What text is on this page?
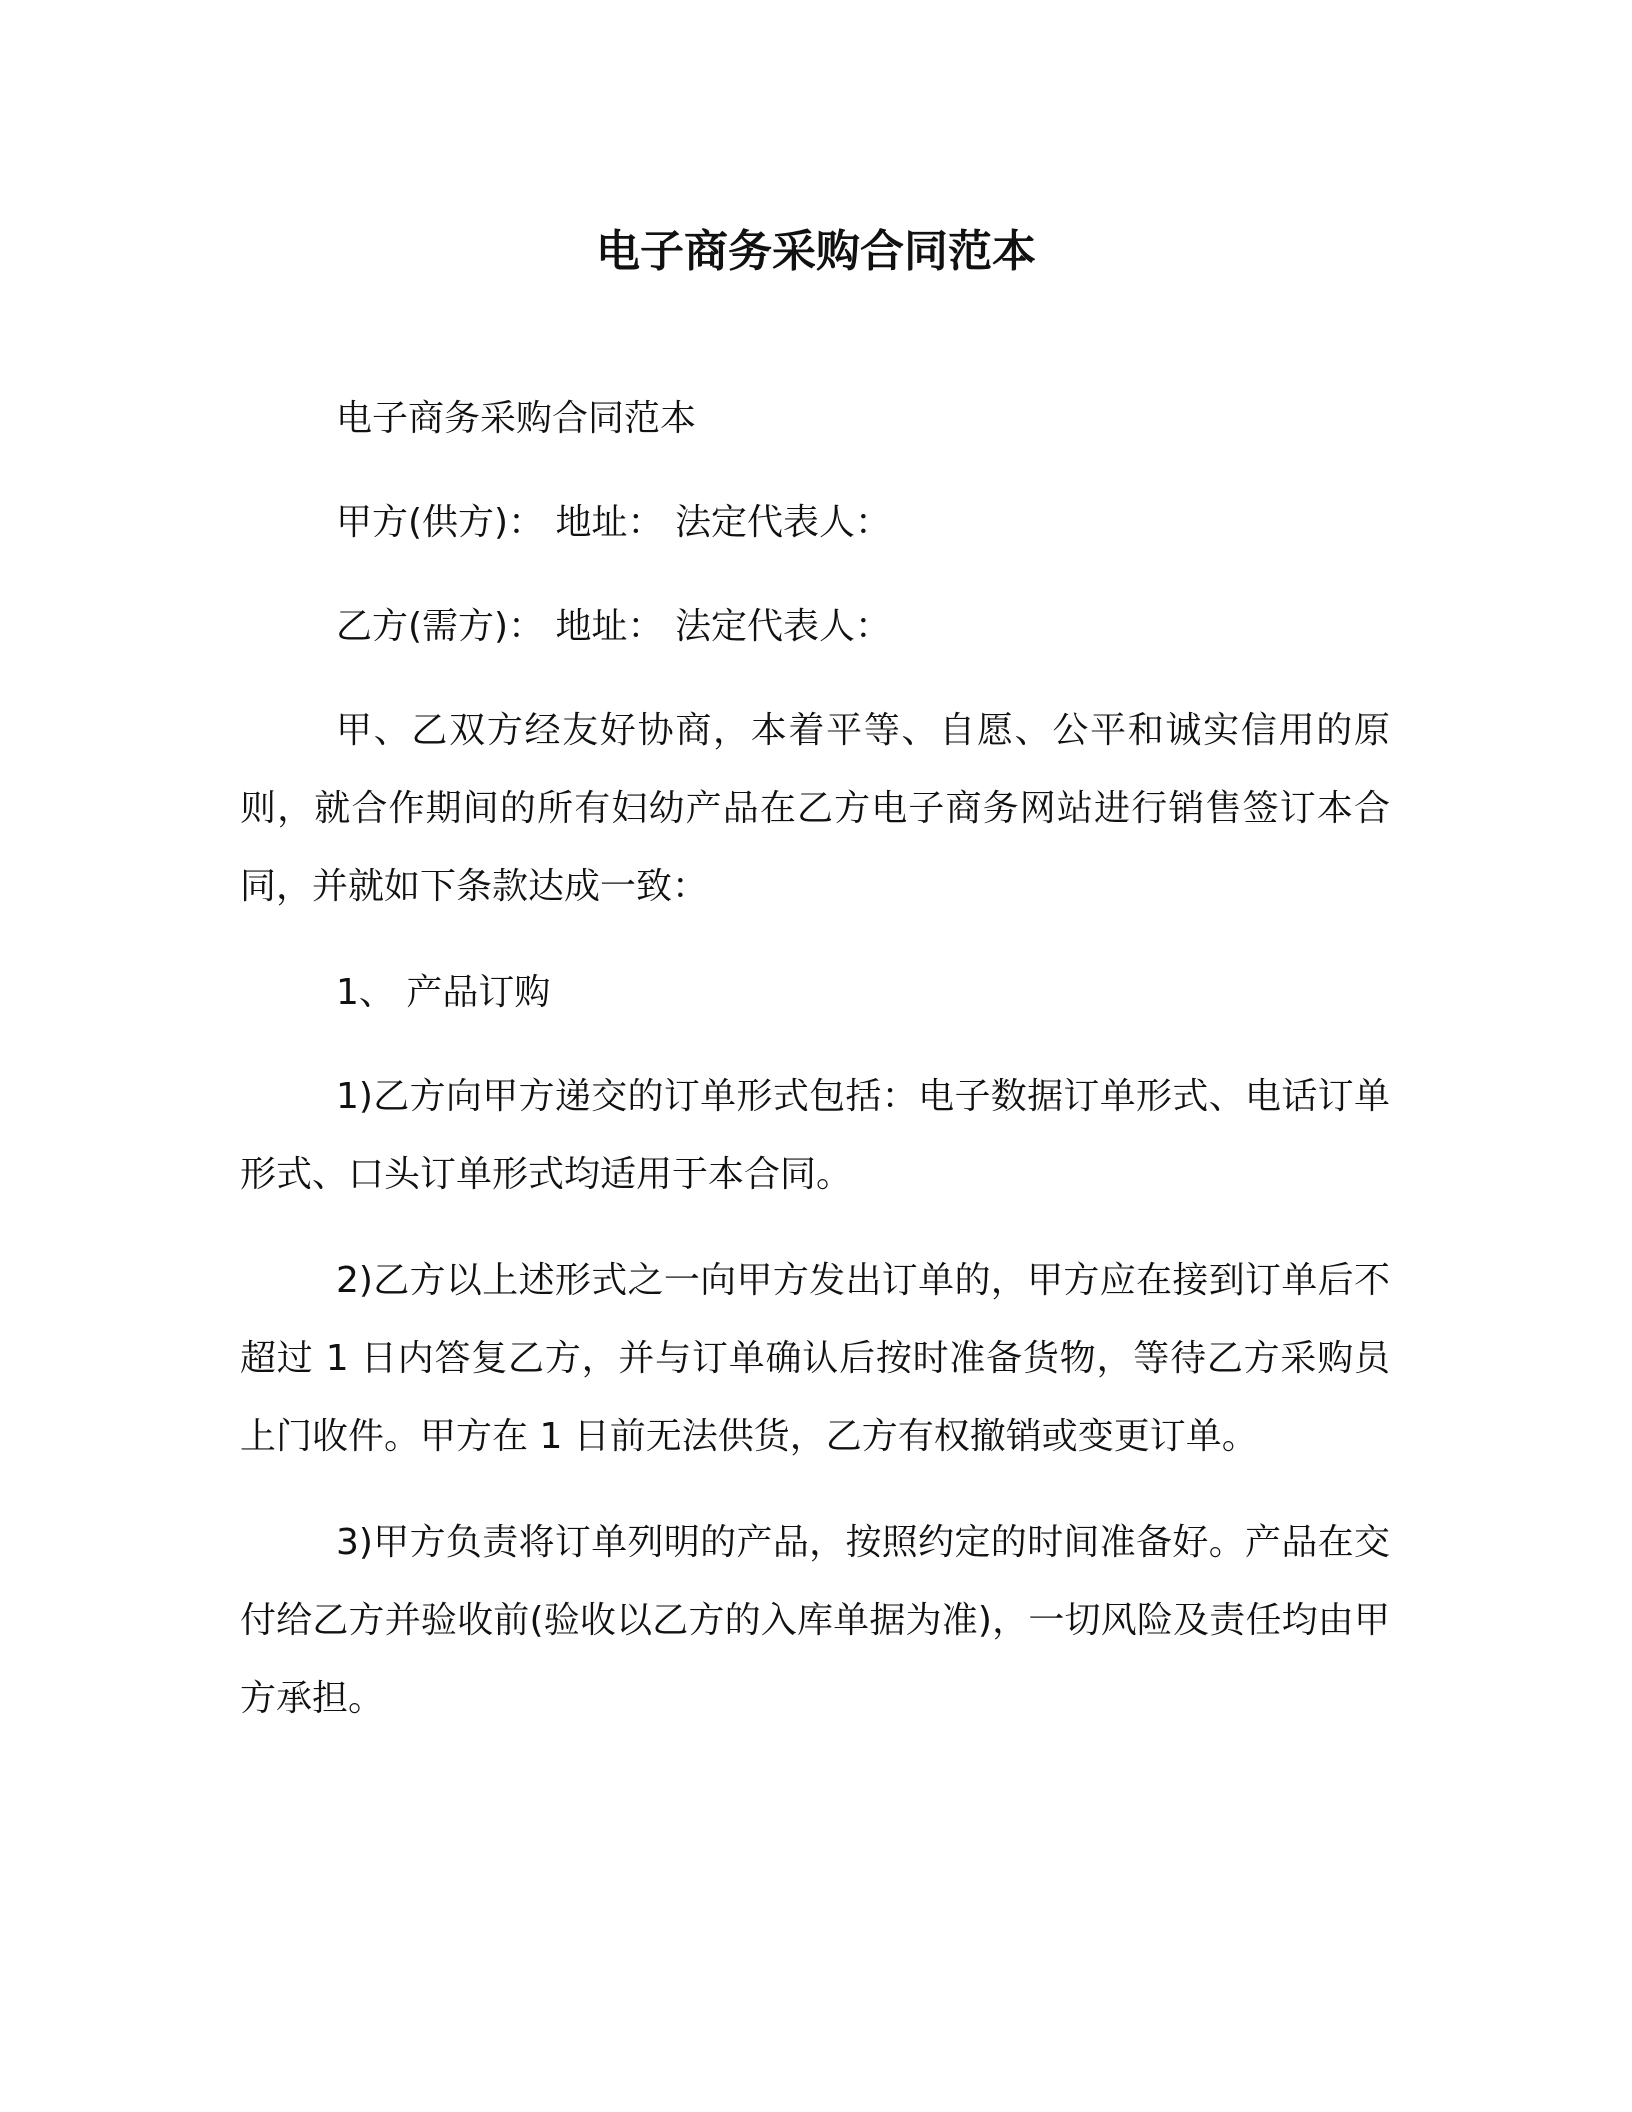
电子商务采购合同范本

电子商务采购合同范本

甲方(供方)： 地址： 法定代表人：

乙方(需方)： 地址： 法定代表人：

甲、乙双方经友好协商，本着平等、自愿、公平和诚实信用的原则，就合作期间的所有妇幼产品在乙方电子商务网站进行销售签订本合同，并就如下条款达成一致：

1、 产品订购

1)乙方向甲方递交的订单形式包括：电子数据订单形式、电话订单形式、口头订单形式均适用于本合同。

2)乙方以上述形式之一向甲方发出订单的，甲方应在接到订单后不超过 1 日内答复乙方，并与订单确认后按时准备货物，等待乙方采购员上门收件。甲方在 1 日前无法供货，乙方有权撤销或变更订单。

3)甲方负责将订单列明的产品，按照约定的时间准备好。产品在交付给乙方并验收前(验收以乙方的入库单据为准)，一切风险及责任均由甲方承担。
